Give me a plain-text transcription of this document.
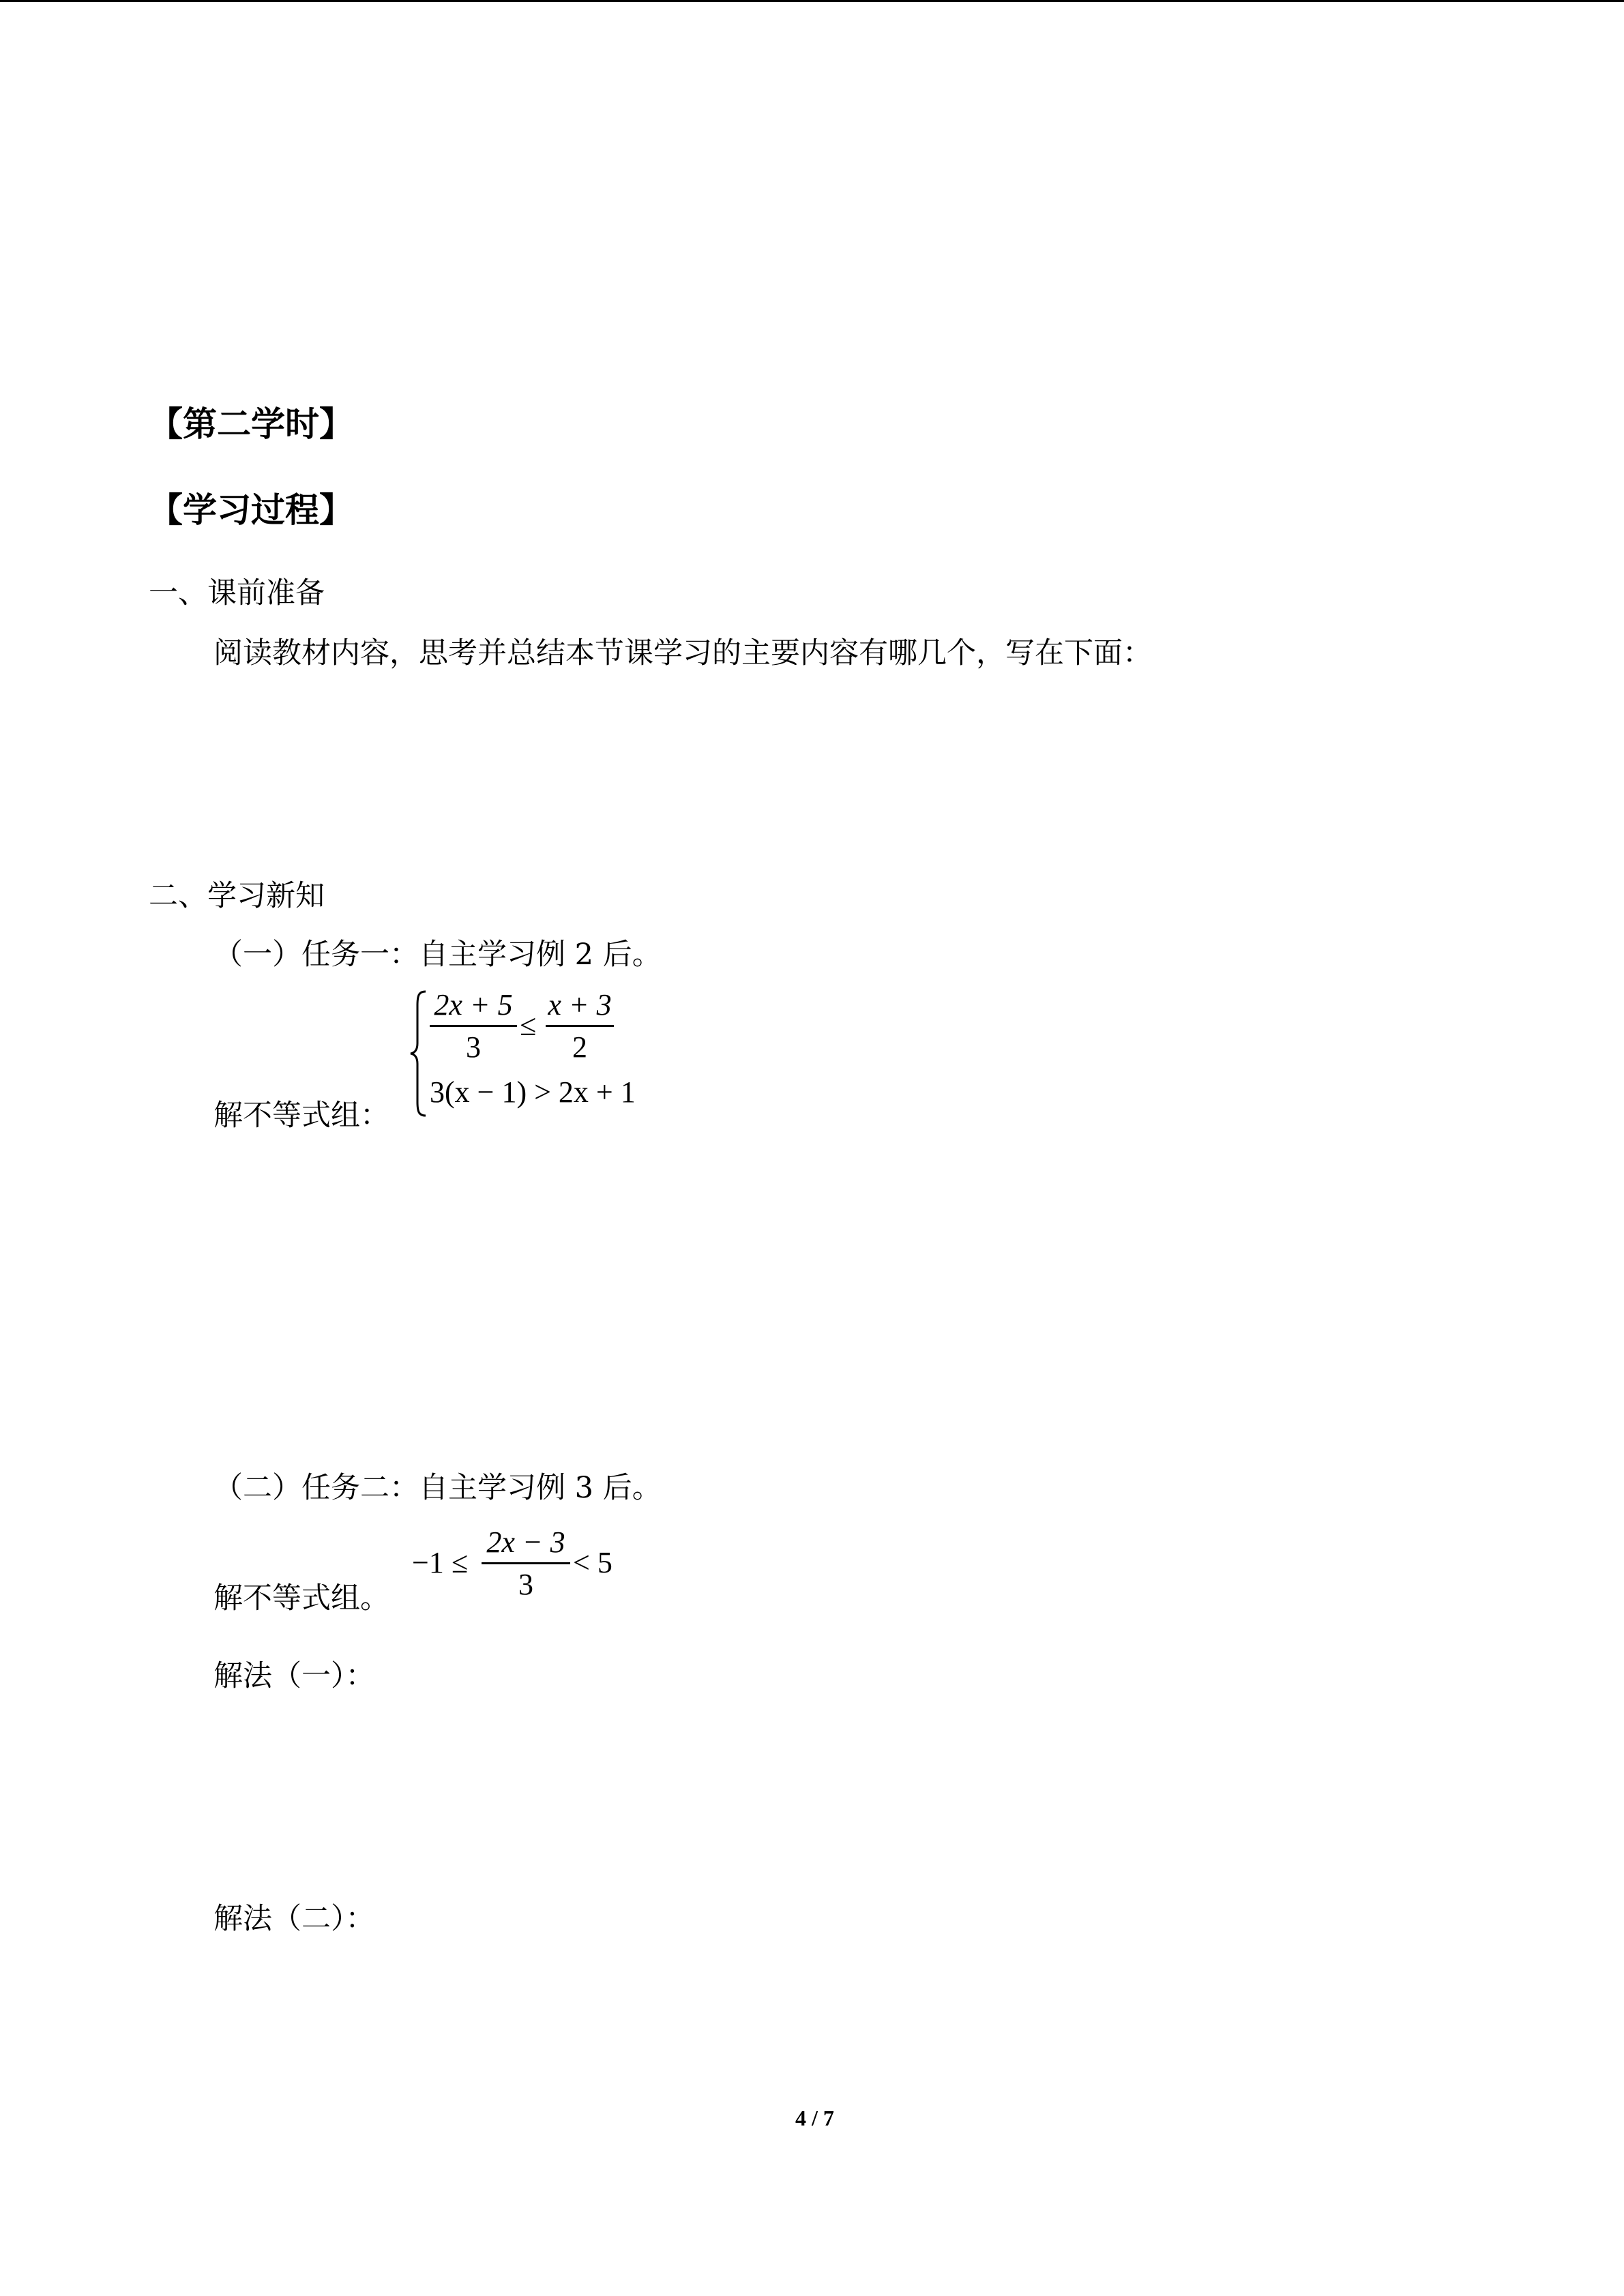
【第二学时】
【学习过程】
一、课前准备
阅读教材内容，思考并总结本节课学习的主要内容有哪几个，写在下面：
二、学习新知
（一）任务一：自主学习例 2 后。
解不等式组：
2x + 5
3
≤
x + 3
2
3(x − 1) > 2x + 1
（二）任务二：自主学习例 3 后。
解不等式组。
−1 ≤
2x − 3
3
< 5
解法（一）：
解法（二）：
4 / 7
